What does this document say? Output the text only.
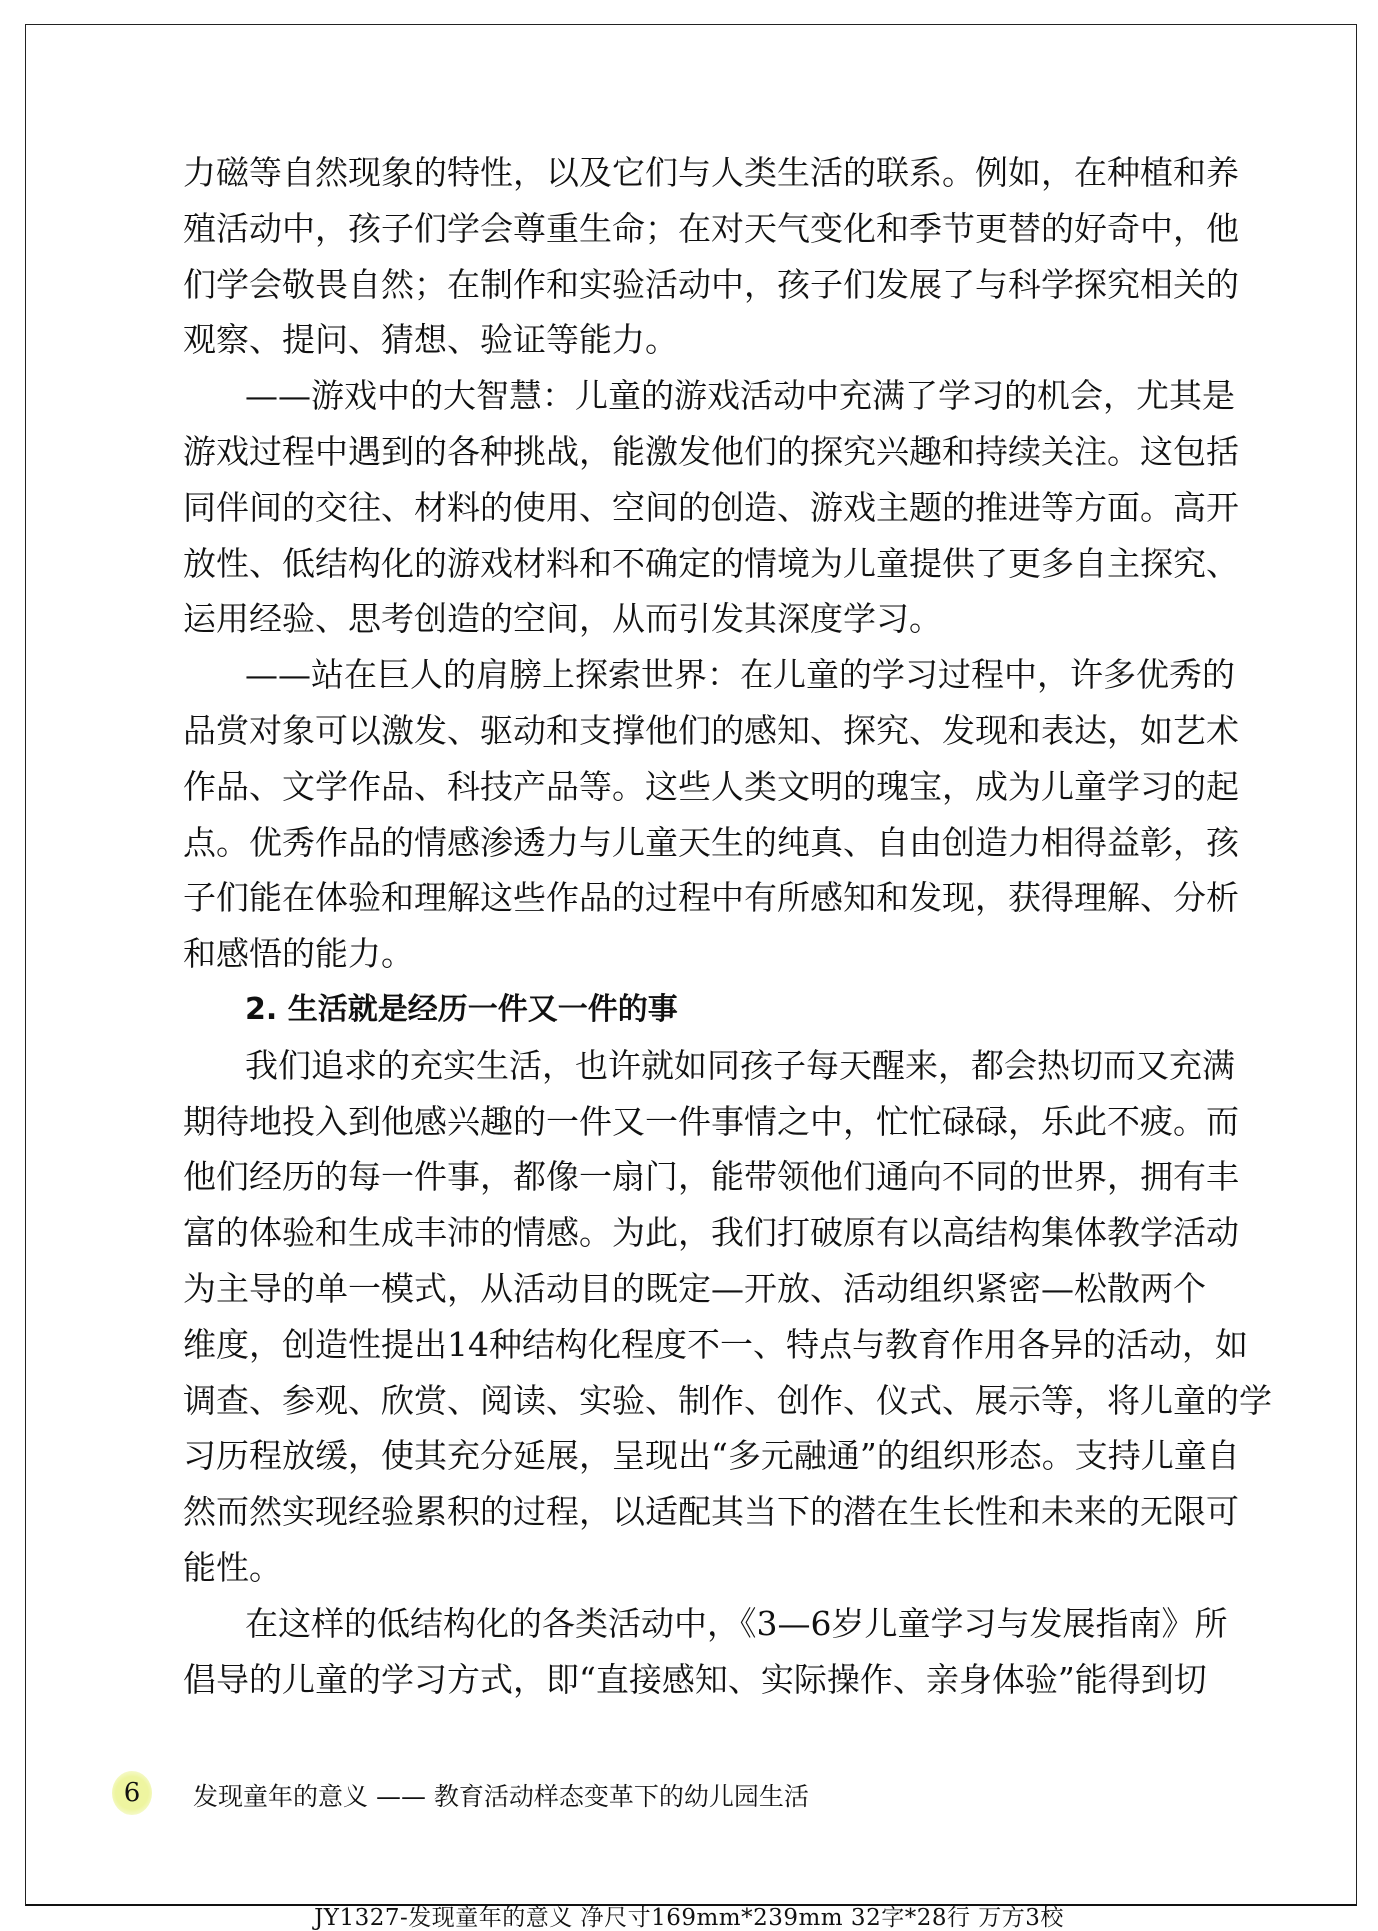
力磁等自然现象的特性，以及它们与人类生活的联系。例如，在种植和养
殖活动中，孩子们学会尊重生命；在对天气变化和季节更替的好奇中，他
们学会敬畏自然；在制作和实验活动中，孩子们发展了与科学探究相关的
观察、提问、猜想、验证等能力。
——游戏中的大智慧：儿童的游戏活动中充满了学习的机会，尤其是
游戏过程中遇到的各种挑战，能激发他们的探究兴趣和持续关注。这包括
同伴间的交往、材料的使用、空间的创造、游戏主题的推进等方面。高开
放性、低结构化的游戏材料和不确定的情境为儿童提供了更多自主探究、
运用经验、思考创造的空间，从而引发其深度学习。
——站在巨人的肩膀上探索世界：在儿童的学习过程中，许多优秀的
品赏对象可以激发、驱动和支撑他们的感知、探究、发现和表达，如艺术
作品、文学作品、科技产品等。这些人类文明的瑰宝，成为儿童学习的起
点。优秀作品的情感渗透力与儿童天生的纯真、自由创造力相得益彰，孩
子们能在体验和理解这些作品的过程中有所感知和发现，获得理解、分析
和感悟的能力。
2. 生活就是经历一件又一件的事
我们追求的充实生活，也许就如同孩子每天醒来，都会热切而又充满
期待地投入到他感兴趣的一件又一件事情之中，忙忙碌碌，乐此不疲。而
他们经历的每一件事，都像一扇门，能带领他们通向不同的世界，拥有丰
富的体验和生成丰沛的情感。为此，我们打破原有以高结构集体教学活动
为主导的单一模式，从活动目的既定—开放、活动组织紧密—松散两个
维度，创造性提出14种结构化程度不一、特点与教育作用各异的活动，如
调查、参观、欣赏、阅读、实验、制作、创作、仪式、展示等，将儿童的学
习历程放缓，使其充分延展，呈现出“多元融通”的组织形态。支持儿童自
然而然实现经验累积的过程，以适配其当下的潜在生长性和未来的无限可
能性。
在这样的低结构化的各类活动中，《3—6岁儿童学习与发展指南》所
倡导的儿童的学习方式，即“直接感知、实际操作、亲身体验”能得到切
6	发现童年的意义 —— 教育活动样态变革下的幼儿园生活
JY1327-发现童年的意义 净尺寸169mm*239mm 32字*28行 万方3校
